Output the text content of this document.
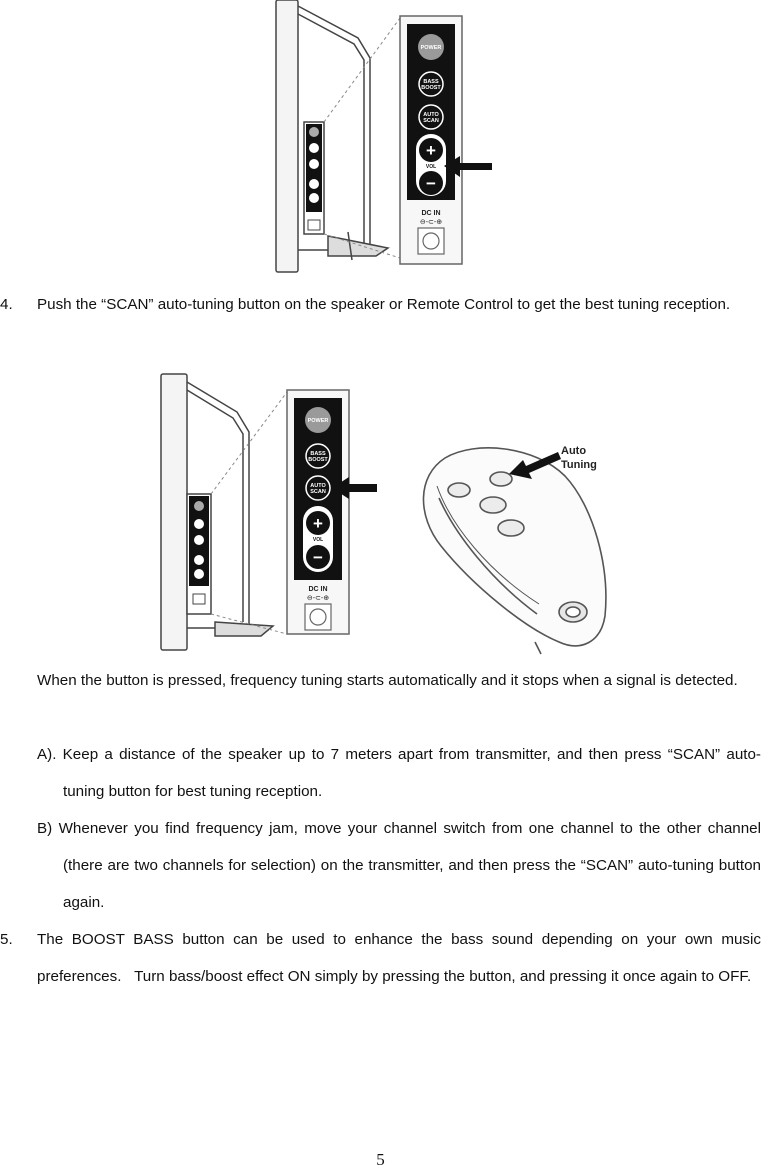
POWER
BASS
BOOST
AUTO
SCAN
+
VOL
−
DC IN
⊖-⊂-⊕
4. Push the “SCAN” auto-tuning button on the speaker or Remote Control to get the best tuning reception.
POWER
BASS
BOOST
AUTO
SCAN
+
VOL
−
DC IN
⊖-⊂-⊕
Auto
Tuning
When the button is pressed, frequency tuning starts automatically and it stops when a signal is detected.
A). Keep a distance of the speaker up to 7 meters apart from transmitter, and then press “SCAN” auto-tuning button for best tuning reception.
B) Whenever you find frequency jam, move your channel switch from one channel to the other channel (there are two channels for selection) on the transmitter, and then press the “SCAN” auto-tuning button again.
5. The BOOST BASS button can be used to enhance the bass sound depending on your own music preferences.   Turn bass/boost effect ON simply by pressing the button, and pressing it once again to OFF.
5
